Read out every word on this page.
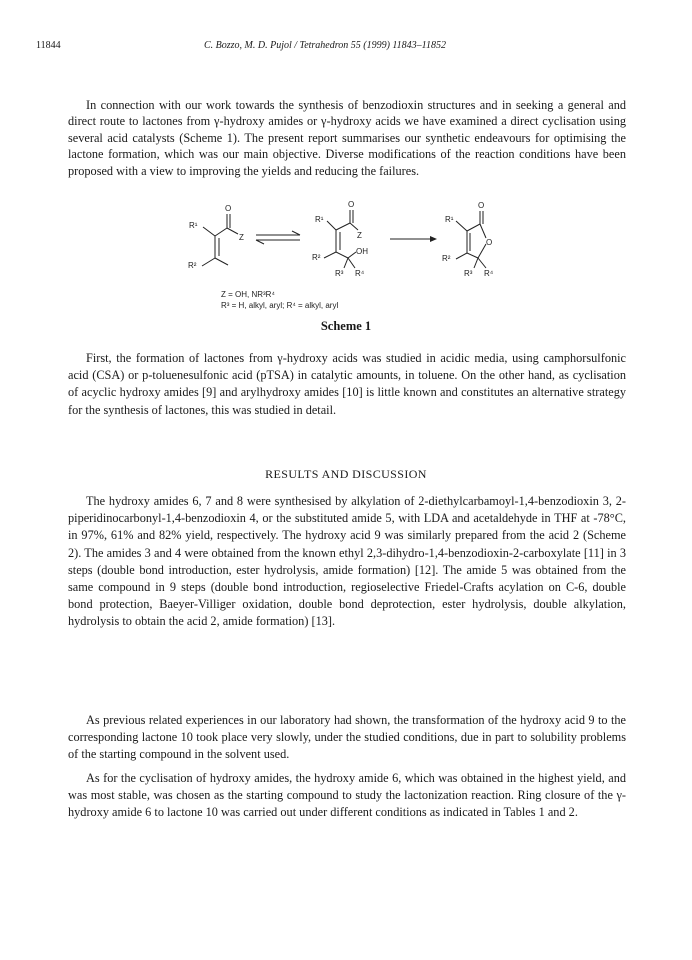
11844	C. Bozzo, M. D. Pujol / Tetrahedron 55 (1999) 11843–11852

In connection with our work towards the synthesis of benzodioxin structures and in seeking a general and direct route to lactones from γ-hydroxy amides or γ-hydroxy acids we have examined a direct cyclisation using several acid catalysts (Scheme 1). The present report summarises our synthetic endeavours for optimising the lactone formation, which was our main objective. Diverse modifications of the reaction conditions have been proposed with a view to improving the yields and reducing the failures.

O
R¹
Z
R²
O
R¹
Z
OH
R²
R³ R⁴
O
R¹
O
R²
R³ R⁴
Z = OH, NR³R⁴
R³ = H, alkyl, aryl; R⁴ = alkyl, aryl
Scheme 1

First, the formation of lactones from γ-hydroxy acids was studied in acidic media, using camphorsulfonic acid (CSA) or p-toluenesulfonic acid (pTSA) in catalytic amounts, in toluene. On the other hand, as cyclisation of acyclic hydroxy amides [9] and arylhydroxy amides [10] is little known and constitutes an alternative strategy for the synthesis of lactones, this was studied in detail.

RESULTS AND DISCUSSION

The hydroxy amides 6, 7 and 8 were synthesised by alkylation of 2-diethylcarbamoyl-1,4-benzodioxin 3, 2-piperidinocarbonyl-1,4-benzodioxin 4, or the substituted amide 5, with LDA and acetaldehyde in THF at -78°C, in 97%, 61% and 82% yield, respectively. The hydroxy acid 9 was similarly prepared from the acid 2 (Scheme 2). The amides 3 and 4 were obtained from the known ethyl 2,3-dihydro-1,4-benzodioxin-2-carboxylate [11] in 3 steps (double bond introduction, ester hydrolysis, amide formation) [12]. The amide 5 was obtained from the same compound in 9 steps (double bond introduction, regioselective Friedel-Crafts acylation on C-6, double bond protection, Baeyer-Villiger oxidation, double bond deprotection, ester hydrolysis, double alkylation, hydrolysis to obtain the acid 2, amide formation) [13].

As previous related experiences in our laboratory had shown, the transformation of the hydroxy acid 9 to the corresponding lactone 10 took place very slowly, under the studied conditions, due in part to solubility problems of the starting compound in the solvent used.

As for the cyclisation of hydroxy amides, the hydroxy amide 6, which was obtained in the highest yield, and was most stable, was chosen as the starting compound to study the lactonization reaction. Ring closure of the γ-hydroxy amide 6 to lactone 10 was carried out under different conditions as indicated in Tables 1 and 2.
